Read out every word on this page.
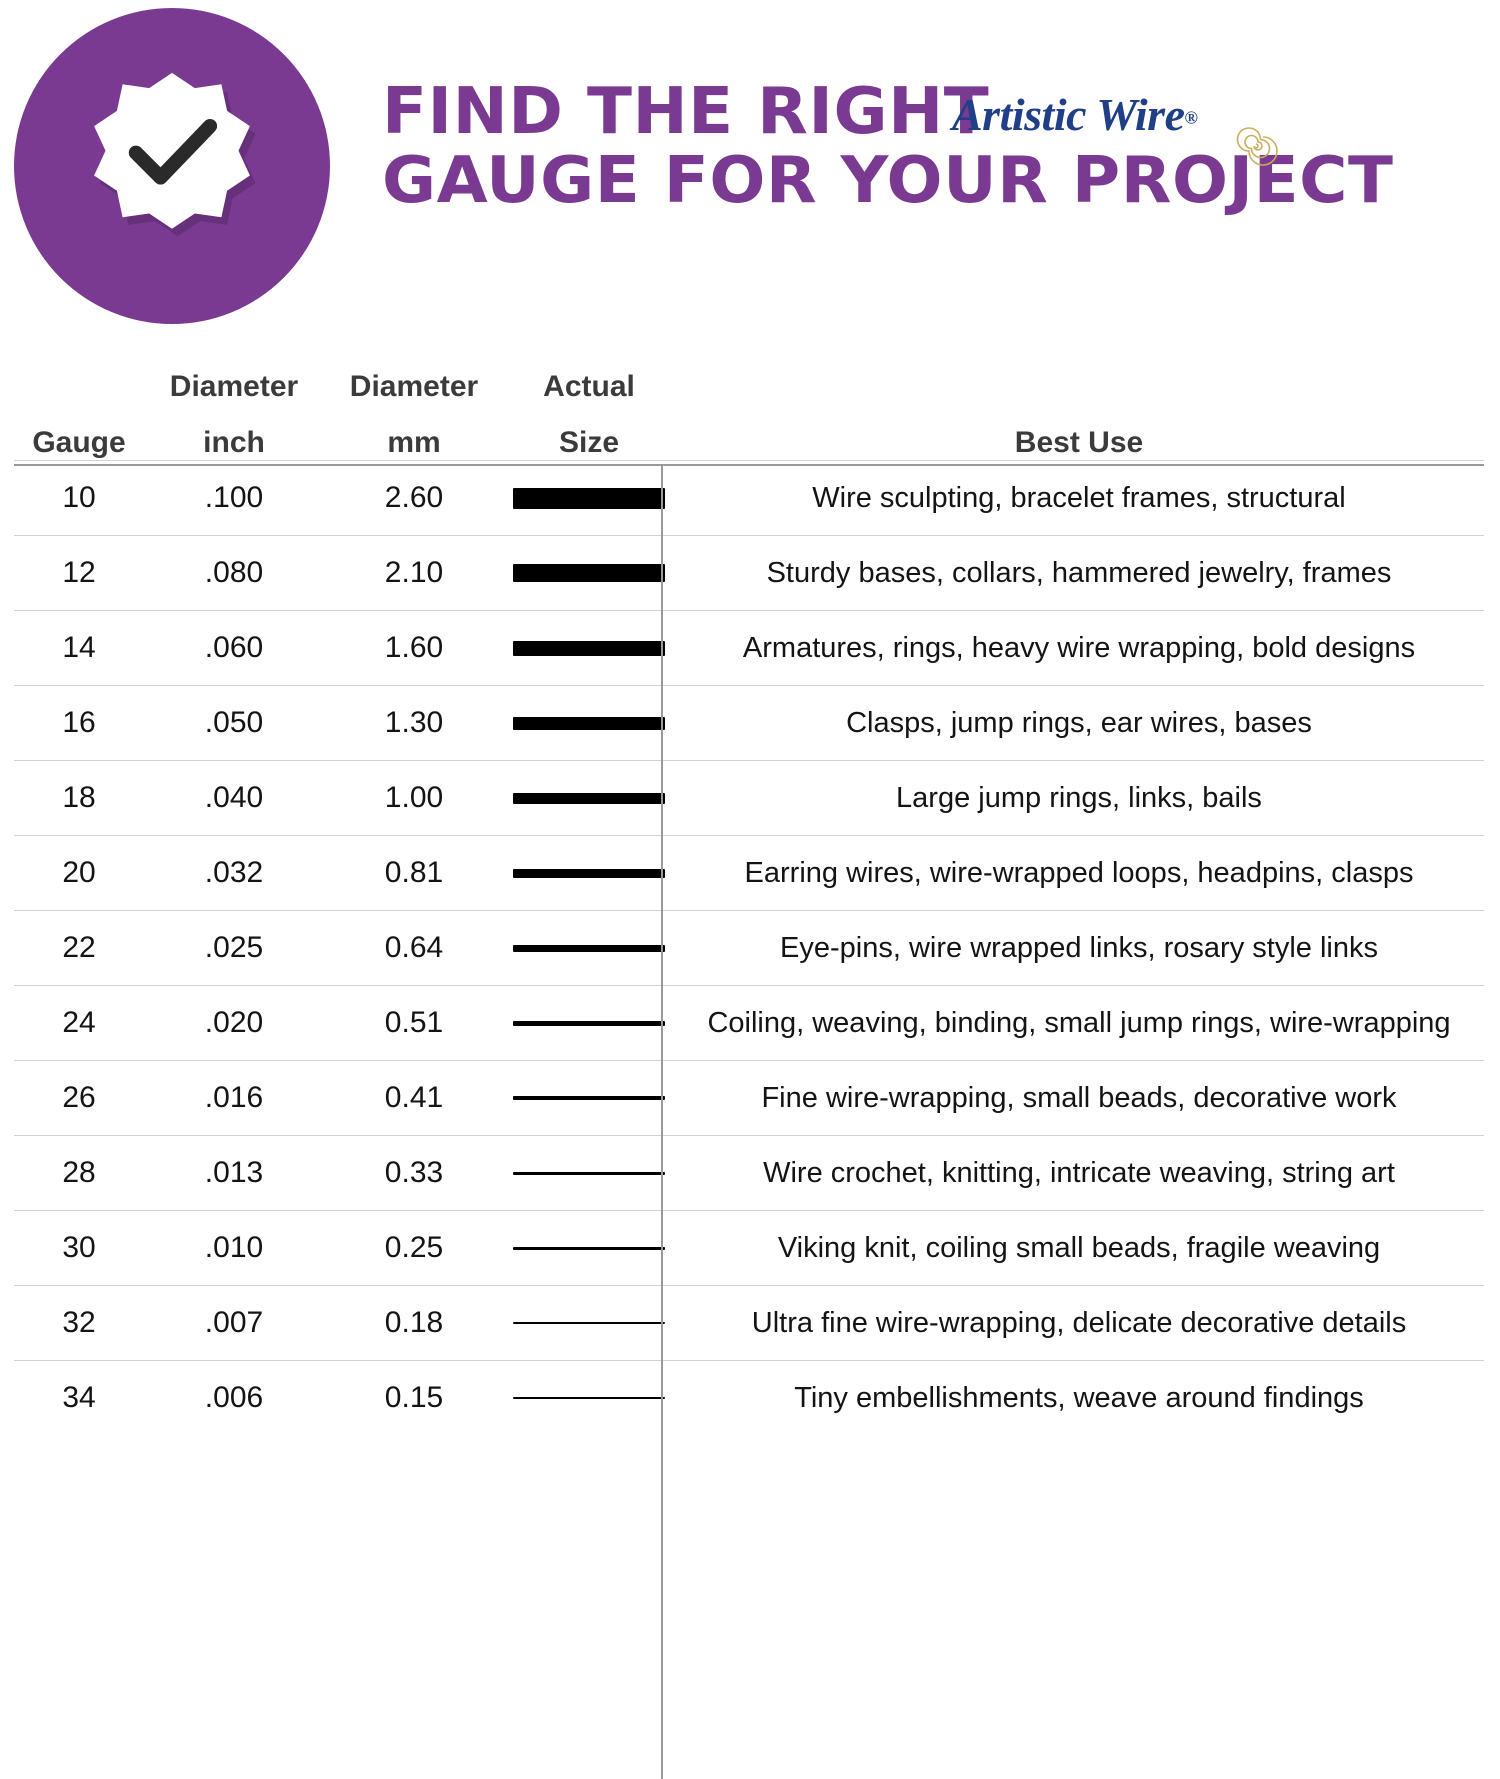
FIND THE RIGHT
GAUGE FOR YOUR PROJECT
Artistic Wire®
	Diameter	Diameter	Actual	
Gauge	inch	mm	Size	Best Use
10	.100	2.60		Wire sculpting, bracelet frames, structural
12	.080	2.10		Sturdy bases, collars, hammered jewelry, frames
14	.060	1.60		Armatures, rings, heavy wire wrapping, bold designs
16	.050	1.30		Clasps, jump rings, ear wires, bases
18	.040	1.00		Large jump rings, links, bails
20	.032	0.81		Earring wires, wire-wrapped loops, headpins, clasps
22	.025	0.64		Eye-pins, wire wrapped links, rosary style links
24	.020	0.51		Coiling, weaving, binding, small jump rings, wire-wrapping
26	.016	0.41		Fine wire-wrapping, small beads, decorative work
28	.013	0.33		Wire crochet, knitting, intricate weaving, string art
30	.010	0.25		Viking knit, coiling small beads, fragile weaving
32	.007	0.18		Ultra fine wire-wrapping, delicate decorative details
34	.006	0.15		Tiny embellishments, weave around findings
